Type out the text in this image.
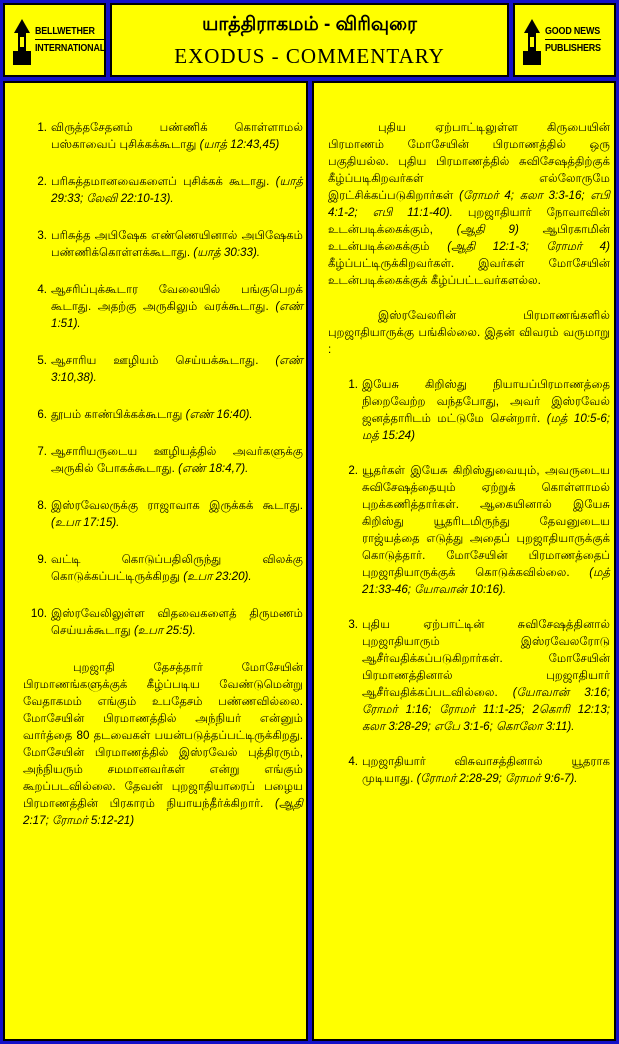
BELLWETHER
INTERNATIONAL
யாத்திராகமம் - விரிவுரை
EXODUS - COMMENTARY
GOOD NEWS
PUBLISHERS
1. விருத்தசேதனம் பண்ணிக் கொள்ளாமல் பஸ்காவைப் புசிக்கக்கூடாது (யாத் 12:43,45)
2. பரிசுத்தமானவைகளைப் புசிக்கக் கூடாது. (யாத் 29:33; லேவி 22:10-13).
3. பரிசுத்த அபிஷேக எண்ணெயினால் அபிஷேகம் பண்ணிக்கொள்ளக்கூடாது. (யாத் 30:33).
4. ஆசரிப்புக்கூடார வேலையில் பங்குபெறக் கூடாது. அதற்கு அருகிலும் வரக்கூடாது. (எண் 1:51).
5. ஆசாரிய ஊழியம் செய்யக்கூடாது. (எண் 3:10,38).
6. தூபம் காண்பிக்கக்கூடாது (எண் 16:40).
7. ஆசாரியருடைய ஊழியத்தில் அவர்களுக்கு அருகில் போகக்கூடாது. (எண் 18:4,7).
8. இஸ்ரவேலருக்கு ராஜாவாக இருக்கக் கூடாது. (உபா 17:15).
9. வட்டி கொடுப்பதிலிருந்து விலக்கு கொடுக்கப்பட்டிருக்கிறது (உபா 23:20).
10. இஸ்ரவேலிலுள்ள விதவைகளைத் திருமணம் செய்யக்கூடாது (உபா 25:5).

புறஜாதி தேசத்தார் மோசேயின் பிரமாணங்களுக்குக் கீழ்ப்படிய வேண்டுமென்று வேதாகமம் எங்கும் உபதேசம் பண்ணவில்லை. மோசேயின் பிரமாணத்தில் அந்நியர் என்னும் வார்த்தை 80 தடவைகள் பயன்படுத்தப்பட்டிருக்கிறது. மோசேயின் பிரமாணத்தில் இஸ்ரவேல் புத்திரரும், அந்நியரும் சமமானவர்கள் என்று எங்கும் கூறப்படவில்லை. தேவன் புறஜாதியாரைப் பழைய பிரமாணத்தின் பிரகாரம் நியாயந்தீர்க்கிறார். (ஆதி 2:17; ரோமர் 5:12-21)

புதிய ஏற்பாட்டிலுள்ள கிருபையின் பிரமாணம் மோசேயின் பிரமாணத்தில் ஒரு பகுதியல்ல. புதிய பிரமாணத்தில் சுவிசேஷத்திற்குக் கீழ்ப்படிகிறவர்கள் எல்லோருமே இரட்சிக்கப்படுகிறார்கள் (ரோமர் 4; கலா 3:3-16; எபி 4:1-2; எபி 11:1-40). புறஜாதியார் நோவாவின் உடன்படிக்கைக்கும், (ஆதி 9) ஆபிரகாமின் உடன்படிக்கைக்கும் (ஆதி 12:1-3; ரோமர் 4) கீழ்ப்பட்டிருக்கிறவர்கள். இவர்கள் மோசேயின் உடன்படிக்கைக்குக் கீழ்ப்பட்டவர்களல்ல.

இஸ்ரவேலரின் பிரமாணங்களில் புறஜாதியாருக்கு பங்கில்லை. இதன் விவரம் வருமாறு :

1. இயேசு கிறிஸ்து நியாயப்பிரமாணத்தை நிறைவேற்ற வந்தபோது, அவர் இஸ்ரவேல் ஜனத்தாரிடம் மட்டுமே சென்றார். (மத் 10:5-6; மத் 15:24)
2. யூதர்கள் இயேசு கிறிஸ்துவையும், அவருடைய சுவிசேஷத்தையும் ஏற்றுக் கொள்ளாமல் புறக்கணித்தார்கள். ஆகையினால் இயேசு கிறிஸ்து யூதரிடமிருந்து தேவனுடைய ராஜ்யத்தை எடுத்து அதைப் புறஜாதியாருக்குக் கொடுத்தார். மோசேயின் பிரமாணத்தைப் புறஜாதியாருக்குக் கொடுக்கவில்லை. (மத் 21:33-46; யோவான் 10:16).
3. புதிய ஏற்பாட்டின் சுவிசேஷத்தினால் புறஜாதியாரும் இஸ்ரவேலரோடு ஆசீர்வதிக்கப்படுகிறார்கள். மோசேயின் பிரமாணத்தினால் புறஜாதியார் ஆசீர்வதிக்கப்படவில்லை. (யோவான் 3:16; ரோமர் 1:16; ரோமர் 11:1-25; 2கொரி 12:13; கலா 3:28-29; எபே 3:1-6; கொலோ 3:11).
4. புறஜாதியார் விசுவாசத்தினால் யூதராக முடியாது. (ரோமர் 2:28-29; ரோமர் 9:6-7).
